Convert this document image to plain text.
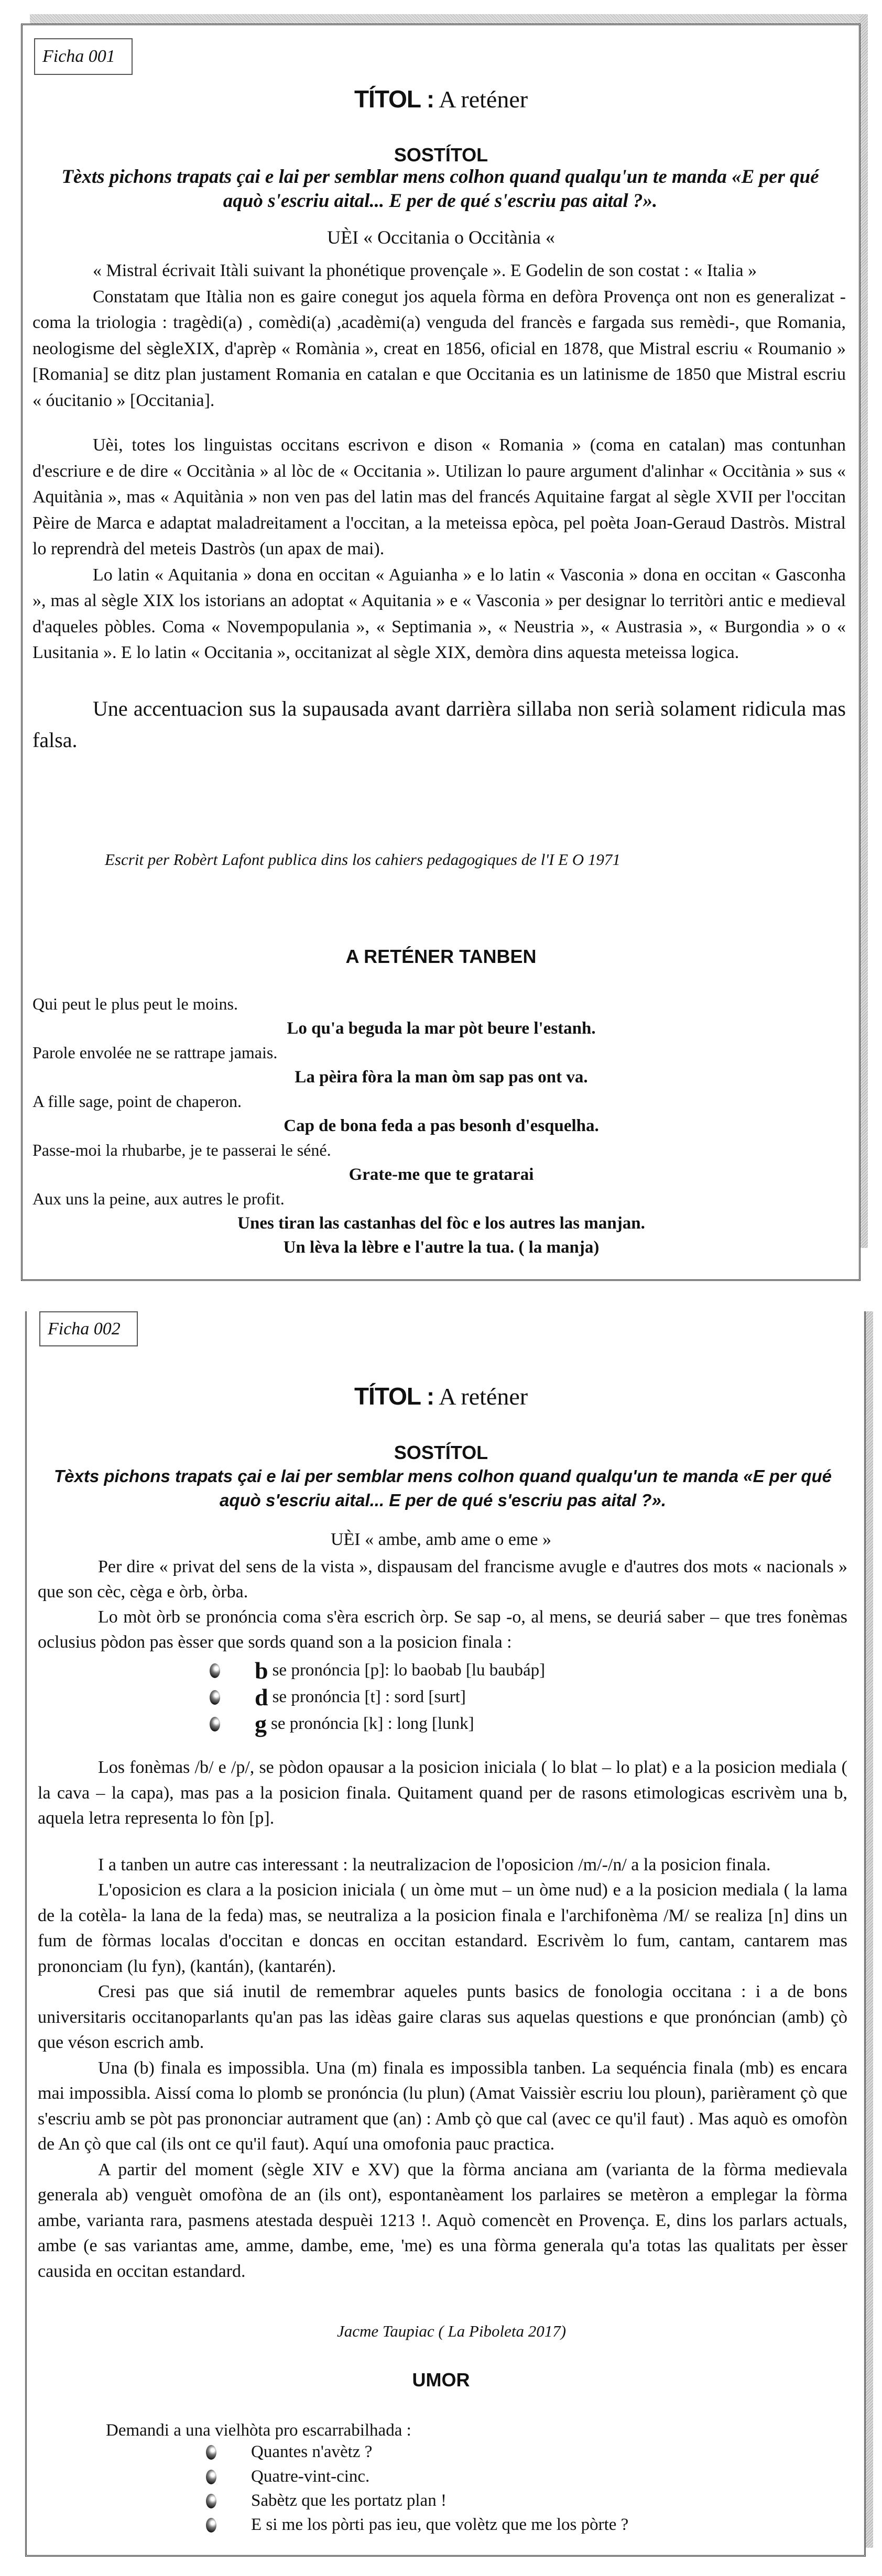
Ficha 001
TÍTOL : A reténer
SOSTÍTOL
Tèxts pichons trapats çai e lai per semblar mens colhon quand qualqu'un te manda «E per qué aquò s'escriu aital... E per de qué s'escriu pas aital ?».
UÈI « Occitania o Occitània «

« Mistral écrivait Itàli suivant la phonétique provençale ». E Godelin de son costat : « Italia »

Constatam que Itàlia non es gaire conegut jos aquela fòrma en defòra Provença ont non es generalizat -coma la triologia : tragèdi(a) , comèdi(a) ,acadèmi(a) venguda del francès e fargada sus remèdi-, que Romania, neologisme del sègleXIX, d'aprèp « Romània », creat en 1856, oficial en 1878, que Mistral escriu « Roumanio » [Romania] se ditz plan justament Romania en catalan e que Occitania es un latinisme de 1850 que Mistral escriu « óucitanio » [Occitania].

Uèi, totes los linguistas occitans escrivon e dison « Romania » (coma en catalan) mas contunhan d'escriure e de dire « Occitània » al lòc de « Occitania ». Utilizan lo paure argument d'alinhar « Occitània » sus « Aquitània », mas « Aquitània » non ven pas del latin mas del francés Aquitaine fargat al sègle XVII per l'occitan Pèire de Marca e adaptat maladreitament a l'occitan, a la meteissa epòca, pel poèta Joan-Geraud Dastròs. Mistral lo reprendrà del meteis Dastròs (un apax de mai).

Lo latin « Aquitania » dona en occitan « Aguianha » e lo latin « Vasconia » dona en occitan « Gasconha », mas al sègle XIX los istorians an adoptat « Aquitania » e « Vasconia » per designar lo territòri antic e medieval d'aqueles pòbles. Coma « Novempopulania », « Septimania », « Neustria », « Austrasia », « Burgondia » o « Lusitania ». E lo latin « Occitania », occitanizat al sègle XIX, demòra dins aquesta meteissa logica.

Une accentuacion sus la supausada avant darrièra sillaba non serià solament ridicula mas falsa.

Escrit per Robèrt Lafont publica dins los cahiers pedagogiques de l'I E O 1971
A RETÉNER TANBEN
Qui peut le plus peut le moins.
Lo qu'a beguda la mar pòt beure l'estanh.
Parole envolée ne se rattrape jamais.
La pèira fòra la man òm sap pas ont va.
A fille sage, point de chaperon.
Cap de bona feda a pas besonh d'esquelha.
Passe-moi la rhubarbe, je te passerai le séné.
Grate-me que te gratarai
Aux uns la peine, aux autres le profit.
Unes tiran las castanhas del fòc e los autres las manjan.
Un lèva la lèbre e l'autre la tua. ( la manja)
Ficha 002
TÍTOL : A reténer
SOSTÍTOL
Tèxts pichons trapats çai e lai per semblar mens colhon quand qualqu'un te manda «E per qué aquò s'escriu aital... E per de qué s'escriu pas aital ?».
UÈI « ambe, amb ame o eme »

Per dire « privat del sens de la vista », dispausam del francisme avugle e d'autres dos mots « nacionals » que son cèc, cèga e òrb, òrba.

Lo mòt òrb se pronóncia coma s'èra escrich òrp. Se sap -o, al mens, se deuriá saber – que tres fonèmas oclusius pòdon pas èsser que sords quand son a la posicion finala :

b se pronóncia [p]: lo baobab [lu baubáp]
d se pronóncia [t] : sord [surt]
g se pronóncia [k] : long [lunk]

Los fonèmas /b/ e /p/, se pòdon opausar a la posicion iniciala ( lo blat – lo plat) e a la posicion mediala ( la cava – la capa), mas pas a la posicion finala. Quitament quand per de rasons etimologicas escrivèm una b, aquela letra representa lo fòn [p].

I a tanben un autre cas interessant : la neutralizacion de l'oposicion /m/-/n/ a la posicion finala.

L'oposicion es clara a la posicion iniciala ( un òme mut – un òme nud) e a la posicion mediala ( la lama de la cotèla- la lana de la feda) mas, se neutraliza a la posicion finala e l'archifonèma /M/ se realiza [n] dins un fum de fòrmas localas d'occitan e doncas en occitan estandard. Escrivèm lo fum, cantam, cantarem mas prononciam (lu fyn), (kantán), (kantarén).

Cresi pas que siá inutil de remembrar aqueles punts basics de fonologia occitana : i a de bons universitaris occitanoparlants qu'an pas las idèas gaire claras sus aquelas questions e que pronóncian (amb) çò que véson escrich amb.

Una (b) finala es impossibla. Una (m) finala es impossibla tanben. La sequéncia finala (mb) es encara mai impossibla. Aissí coma lo plomb se pronóncia (lu plun) (Amat Vaissièr escriu lou ploun), parièrament çò que s'escriu amb se pòt pas prononciar autrament que (an) : Amb çò que cal (avec ce qu'il faut) . Mas aquò es omofòn de An çò que cal (ils ont ce qu'il faut). Aquí una omofonia pauc practica.

A partir del moment (sègle XIV e XV) que la fòrma anciana am (varianta de la fòrma medievala generala ab) venguèt omofòna de an (ils ont), espontanèament los parlaires se metèron a emplegar la fòrma ambe, varianta rara, pasmens atestada despuèi 1213 !. Aquò comencèt en Provença. E, dins los parlars actuals, ambe (e sas variantas ame, amme, dambe, eme, 'me) es una fòrma generala qu'a totas las qualitats per èsser causida en occitan estandard.

Jacme Taupiac ( La Piboleta 2017)
UMOR
Demandi a una vielhòta pro escarrabilhada :
Quantes n'avètz ?
Quatre-vint-cinc.
Sabètz que les portatz plan !
E si me los pòrti pas ieu, que volètz que me los pòrte ?
